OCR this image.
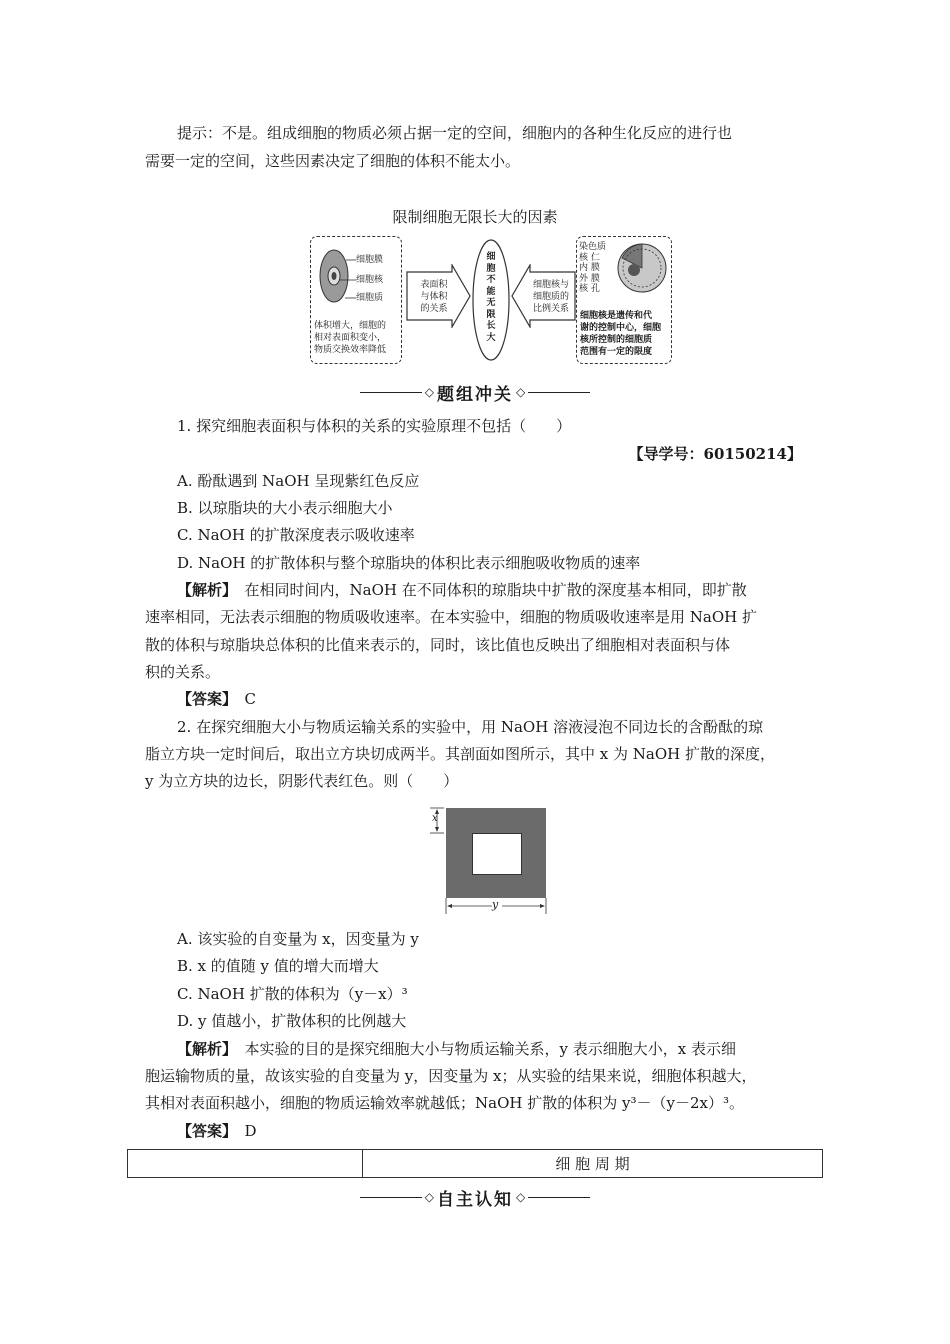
提示：不是。组成细胞的物质必须占据一定的空间，细胞内的各种生化反应的进行也
需要一定的空间，这些因素决定了细胞的体积不能太小。
限制细胞无限长大的因素
细胞膜
细胞核
细胞质
体积增大，细胞的
相对表面积变小，
物质交换效率降低
表面积
与体积
的关系
细
胞
不
能
无
限
长
大
细胞核与
细胞质的
比例关系
染色质
核 仁
内 膜
外 膜
核 孔
细胞核是遗传和代
谢的控制中心，细胞
核所控制的细胞质
范围有一定的限度
◇ 题组冲关 ◇
1. 探究细胞表面积与体积的关系的实验原理不包括（　　）
【导学号：60150214】
A. 酚酞遇到 NaOH 呈现紫红色反应
B. 以琼脂块的大小表示细胞大小
C. NaOH 的扩散深度表示吸收速率
D. NaOH 的扩散体积与整个琼脂块的体积比表示细胞吸收物质的速率
【解析】　在相同时间内，NaOH 在不同体积的琼脂块中扩散的深度基本相同，即扩散
速率相同，无法表示细胞的物质吸收速率。在本实验中，细胞的物质吸收速率是用 NaOH 扩
散的体积与琼脂块总体积的比值来表示的，同时，该比值也反映出了细胞相对表面积与体
积的关系。
【答案】　 C
2. 在探究细胞大小与物质运输关系的实验中，用 NaOH 溶液浸泡不同边长的含酚酞的琼
脂立方块一定时间后，取出立方块切成两半。其剖面如图所示，其中 x 为 NaOH 扩散的深度，
y 为立方块的边长，阴影代表红色。则（　　）
x
y
A. 该实验的自变量为 x，因变量为 y
B. x 的值随 y 值的增大而增大
C. NaOH 扩散的体积为（y－x）³
D. y 值越小，扩散体积的比例越大
【解析】　本实验的目的是探究细胞大小与物质运输关系，y 表示细胞大小，x 表示细
胞运输物质的量，故该实验的自变量为 y，因变量为 x；从实验的结果来说，细胞体积越大，
其相对表面积越小，细胞的物质运输效率就越低；NaOH 扩散的体积为 y³－（y－2x）³。
【答案】　 D
	细 胞 周 期
◇ 自主认知 ◇
